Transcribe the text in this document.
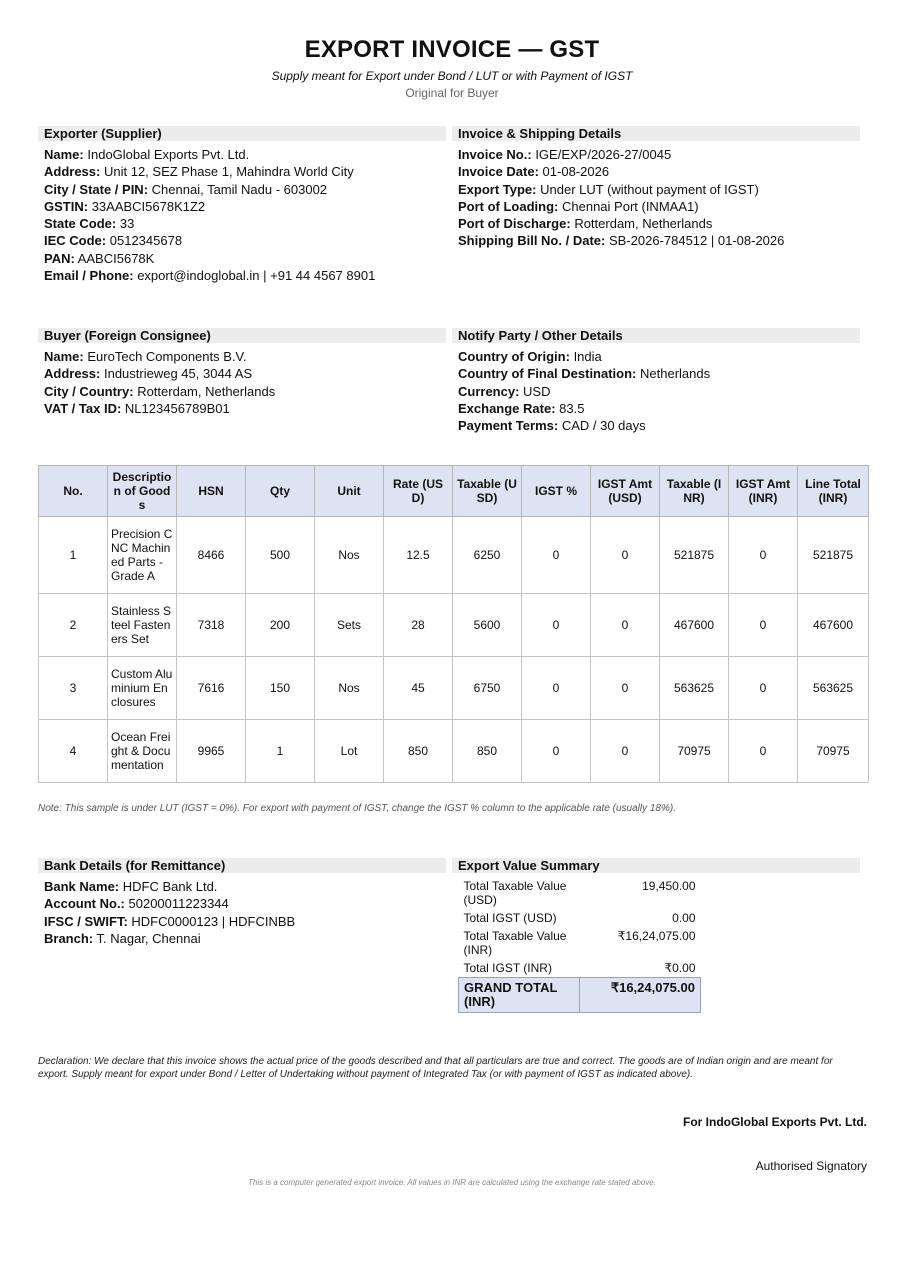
EXPORT INVOICE — GST
Supply meant for Export under Bond / LUT or with Payment of IGST
Original for Buyer
Exporter (Supplier)
Name: IndoGlobal Exports Pvt. Ltd.
Address: Unit 12, SEZ Phase 1, Mahindra World City
City / State / PIN: Chennai, Tamil Nadu - 603002
GSTIN: 33AABCI5678K1Z2
State Code: 33
IEC Code: 0512345678
PAN: AABCI5678K
Email / Phone: export@indoglobal.in | +91 44 4567 8901
Invoice & Shipping Details
Invoice No.: IGE/EXP/2026-27/0045
Invoice Date: 01-08-2026
Export Type: Under LUT (without payment of IGST)
Port of Loading: Chennai Port (INMAA1)
Port of Discharge: Rotterdam, Netherlands
Shipping Bill No. / Date: SB-2026-784512 | 01-08-2026
Buyer (Foreign Consignee)
Name: EuroTech Components B.V.
Address: Industrieweg 45, 3044 AS
City / Country: Rotterdam, Netherlands
VAT / Tax ID: NL123456789B01
Notify Party / Other Details
Country of Origin: India
Country of Final Destination: Netherlands
Currency: USD
Exchange Rate: 83.5
Payment Terms: CAD / 30 days
No.	Description of Goods	HSN	Qty	Unit	Rate (USD)	Taxable (USD)	IGST %	IGST Amt (USD)	Taxable (INR)	IGST Amt (INR)	Line Total (INR)
1	Precision CNC Machined Parts - Grade A	8466	500	Nos	12.5	6250	0	0	521875	0	521875
2	Stainless Steel Fasteners Set	7318	200	Sets	28	5600	0	0	467600	0	467600
3	Custom Aluminium Enclosures	7616	150	Nos	45	6750	0	0	563625	0	563625
4	Ocean Freight & Documentation	9965	1	Lot	850	850	0	0	70975	0	70975
Note: This sample is under LUT (IGST = 0%). For export with payment of IGST, change the IGST % column to the applicable rate (usually 18%).
Bank Details (for Remittance)
Bank Name: HDFC Bank Ltd.
Account No.: 50200011223344
IFSC / SWIFT: HDFC0000123 | HDFCINBB
Branch: T. Nagar, Chennai
Export Value Summary
Total Taxable Value (USD)	19,450.00
Total IGST (USD)	0.00
Total Taxable Value (INR)	₹16,24,075.00
Total IGST (INR)	₹0.00
GRAND TOTAL (INR)	₹16,24,075.00
Declaration: We declare that this invoice shows the actual price of the goods described and that all particulars are true and correct. The goods are of Indian origin and are meant for export. Supply meant for export under Bond / Letter of Undertaking without payment of Integrated Tax (or with payment of IGST as indicated above).
For IndoGlobal Exports Pvt. Ltd.
Authorised Signatory
This is a computer generated export invoice. All values in INR are calculated using the exchange rate stated above.
